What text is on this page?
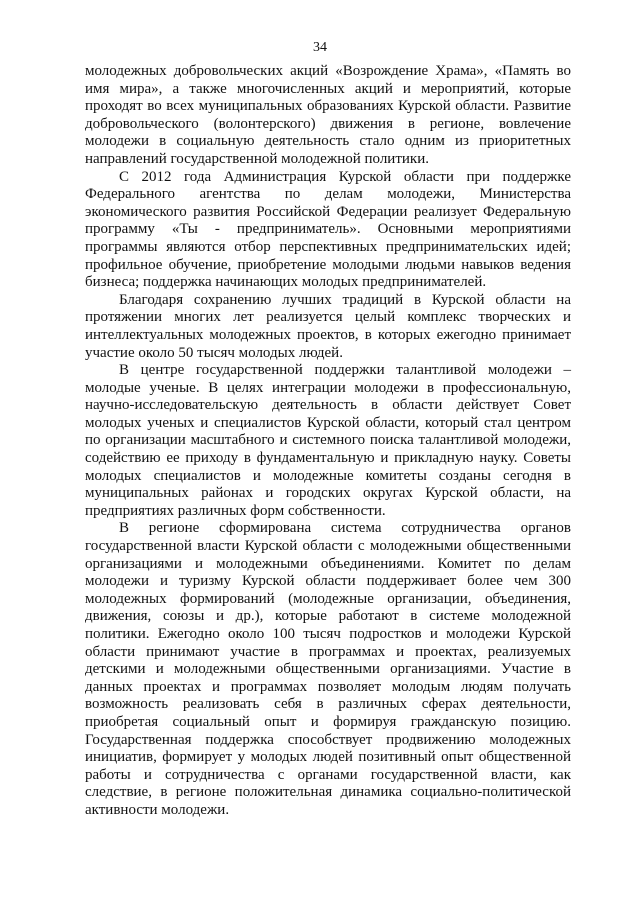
34

молодежных добровольческих акций «Возрождение Храма», «Память во имя мира», а также многочисленных акций и мероприятий, которые проходят во всех муниципальных образованиях Курской области. Развитие добровольческого (волонтерского) движения в регионе, вовлечение молодежи в социальную деятельность стало одним из приоритетных направлений государственной молодежной политики.

С 2012 года Администрация Курской области при поддержке Федерального агентства по делам молодежи, Министерства экономического развития Российской Федерации реализует Федеральную программу «Ты - предприниматель». Основными мероприятиями программы являются отбор перспективных предпринимательских идей; профильное обучение, приобретение молодыми людьми навыков ведения бизнеса; поддержка начинающих молодых предпринимателей.

Благодаря сохранению лучших традиций в Курской области на протяжении многих лет реализуется целый комплекс творческих и интеллектуальных молодежных проектов, в которых ежегодно принимает участие около 50 тысяч молодых людей.

В центре государственной поддержки талантливой молодежи – молодые ученые. В целях интеграции молодежи в профессиональную, научно-исследовательскую деятельность в области действует Совет молодых ученых и специалистов Курской области, который стал центром по организации масштабного и системного поиска талантливой молодежи, содействию ее приходу в фундаментальную и прикладную науку. Советы молодых специалистов и молодежные комитеты созданы сегодня в муниципальных районах и городских округах Курской области, на предприятиях различных форм собственности.

В регионе сформирована система сотрудничества органов государственной власти Курской области с молодежными общественными организациями и молодежными объединениями. Комитет по делам молодежи и туризму Курской области поддерживает более чем 300 молодежных формирований (молодежные организации, объединения, движения, союзы и др.), которые работают в системе молодежной политики. Ежегодно около 100 тысяч подростков и молодежи Курской области принимают участие в программах и проектах, реализуемых детскими и молодежными общественными организациями. Участие в данных проектах и программах позволяет молодым людям получать возможность реализовать себя в различных сферах деятельности, приобретая социальный опыт и формируя гражданскую позицию. Государственная поддержка способствует продвижению молодежных инициатив, формирует у молодых людей позитивный опыт общественной работы и сотрудничества с органами государственной власти, как следствие, в регионе положительная динамика социально-политической активности молодежи.
